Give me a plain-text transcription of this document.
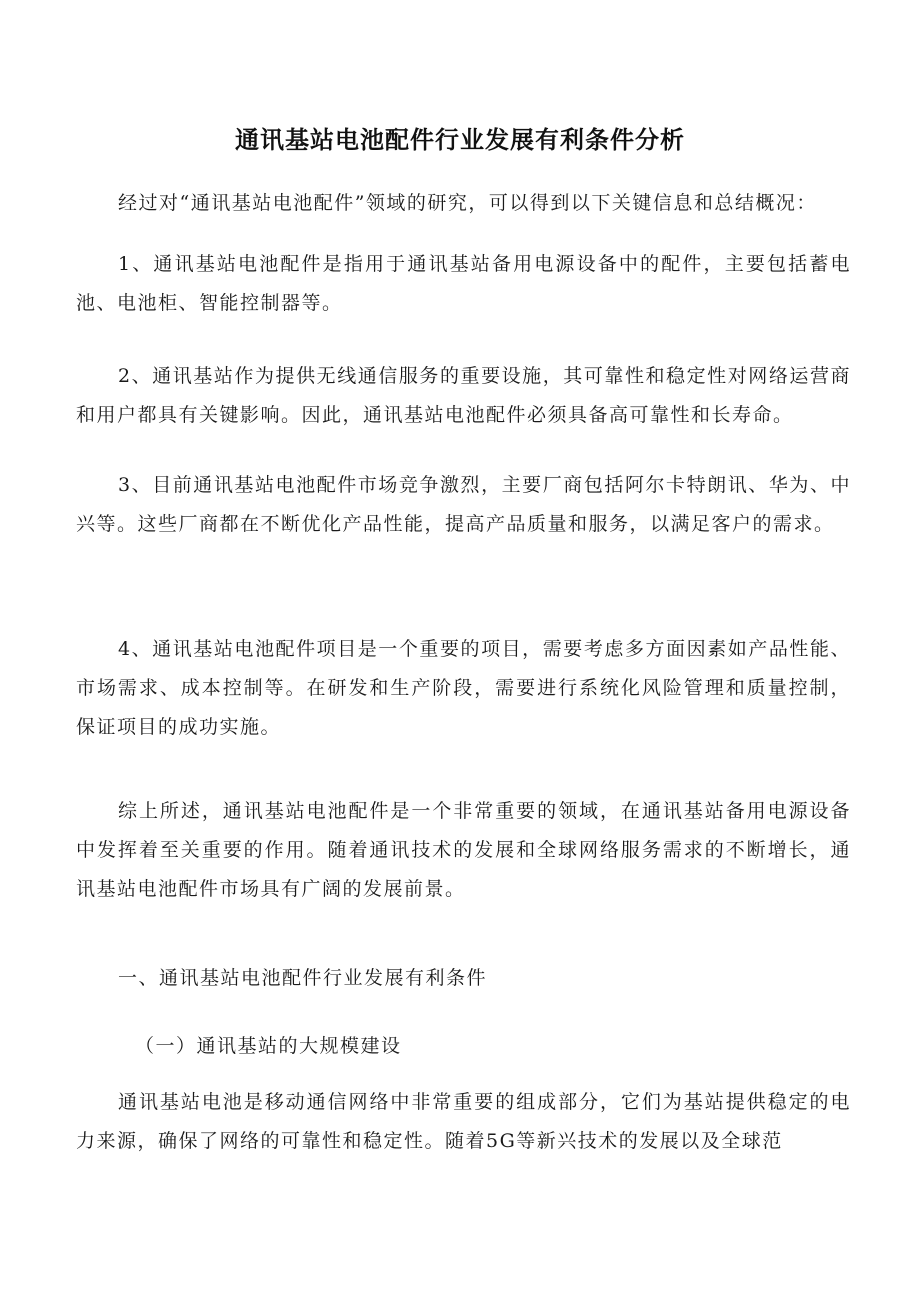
通讯基站电池配件行业发展有利条件分析

经过对“通讯基站电池配件”领域的研究，可以得到以下关键信息和总结概况：

1、通讯基站电池配件是指用于通讯基站备用电源设备中的配件，主要包括蓄电池、电池柜、智能控制器等。

2、通讯基站作为提供无线通信服务的重要设施，其可靠性和稳定性对网络运营商和用户都具有关键影响。因此，通讯基站电池配件必须具备高可靠性和长寿命。

3、目前通讯基站电池配件市场竞争激烈，主要厂商包括阿尔卡特朗讯、华为、中兴等。这些厂商都在不断优化产品性能，提高产品质量和服务，以满足客户的需求。

4、通讯基站电池配件项目是一个重要的项目，需要考虑多方面因素如产品性能、市场需求、成本控制等。在研发和生产阶段，需要进行系统化风险管理和质量控制，保证项目的成功实施。

综上所述，通讯基站电池配件是一个非常重要的领域，在通讯基站备用电源设备中发挥着至关重要的作用。随着通讯技术的发展和全球网络服务需求的不断增长，通讯基站电池配件市场具有广阔的发展前景。

一、通讯基站电池配件行业发展有利条件

（一）通讯基站的大规模建设

通讯基站电池是移动通信网络中非常重要的组成部分，它们为基站提供稳定的电力来源，确保了网络的可靠性和稳定性。随着5G等新兴技术的发展以及全球范
